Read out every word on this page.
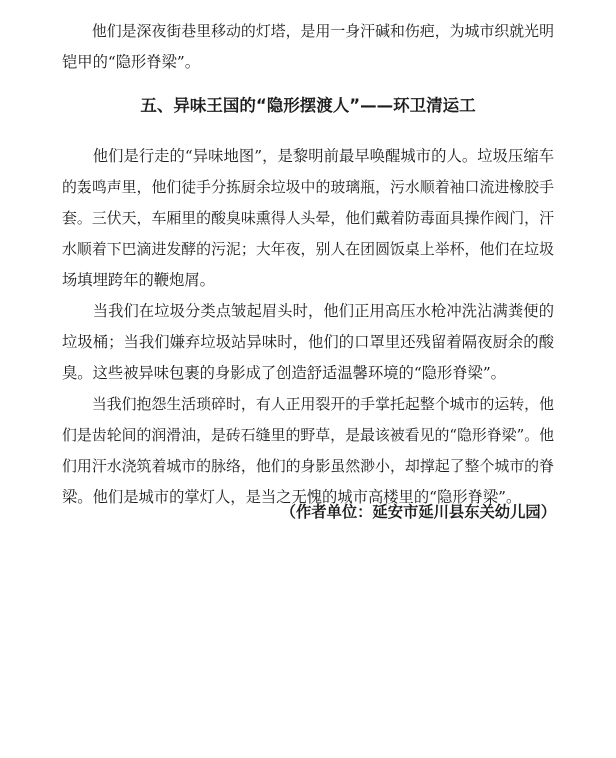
　　他们是深夜街巷里移动的灯塔，是用一身汗碱和伤疤，为城市织就光明
铠甲的“隐形脊梁”。
五、异味王国的“隐形摆渡人”——环卫清运工
　　他们是行走的“异味地图”，是黎明前最早唤醒城市的人。垃圾压缩车
的轰鸣声里，他们徒手分拣厨余垃圾中的玻璃瓶，污水顺着袖口流进橡胶手
套。三伏天，车厢里的酸臭味熏得人头晕，他们戴着防毒面具操作阀门，汗
水顺着下巴滴进发酵的污泥；大年夜，别人在团圆饭桌上举杯，他们在垃圾
场填埋跨年的鞭炮屑。
　　当我们在垃圾分类点皱起眉头时，他们正用高压水枪冲洗沾满粪便的
垃圾桶；当我们嫌弃垃圾站异味时，他们的口罩里还残留着隔夜厨余的酸
臭。这些被异味包裹的身影成了创造舒适温馨环境的“隐形脊梁”。
　　当我们抱怨生活琐碎时，有人正用裂开的手掌托起整个城市的运转，他
们是齿轮间的润滑油，是砖石缝里的野草，是最该被看见的“隐形脊梁”。他
们用汗水浇筑着城市的脉络，他们的身影虽然渺小，却撑起了整个城市的脊
梁。他们是城市的掌灯人，是当之无愧的城市高楼里的“隐形脊梁”。
（作者单位：延安市延川县东关幼儿园）
